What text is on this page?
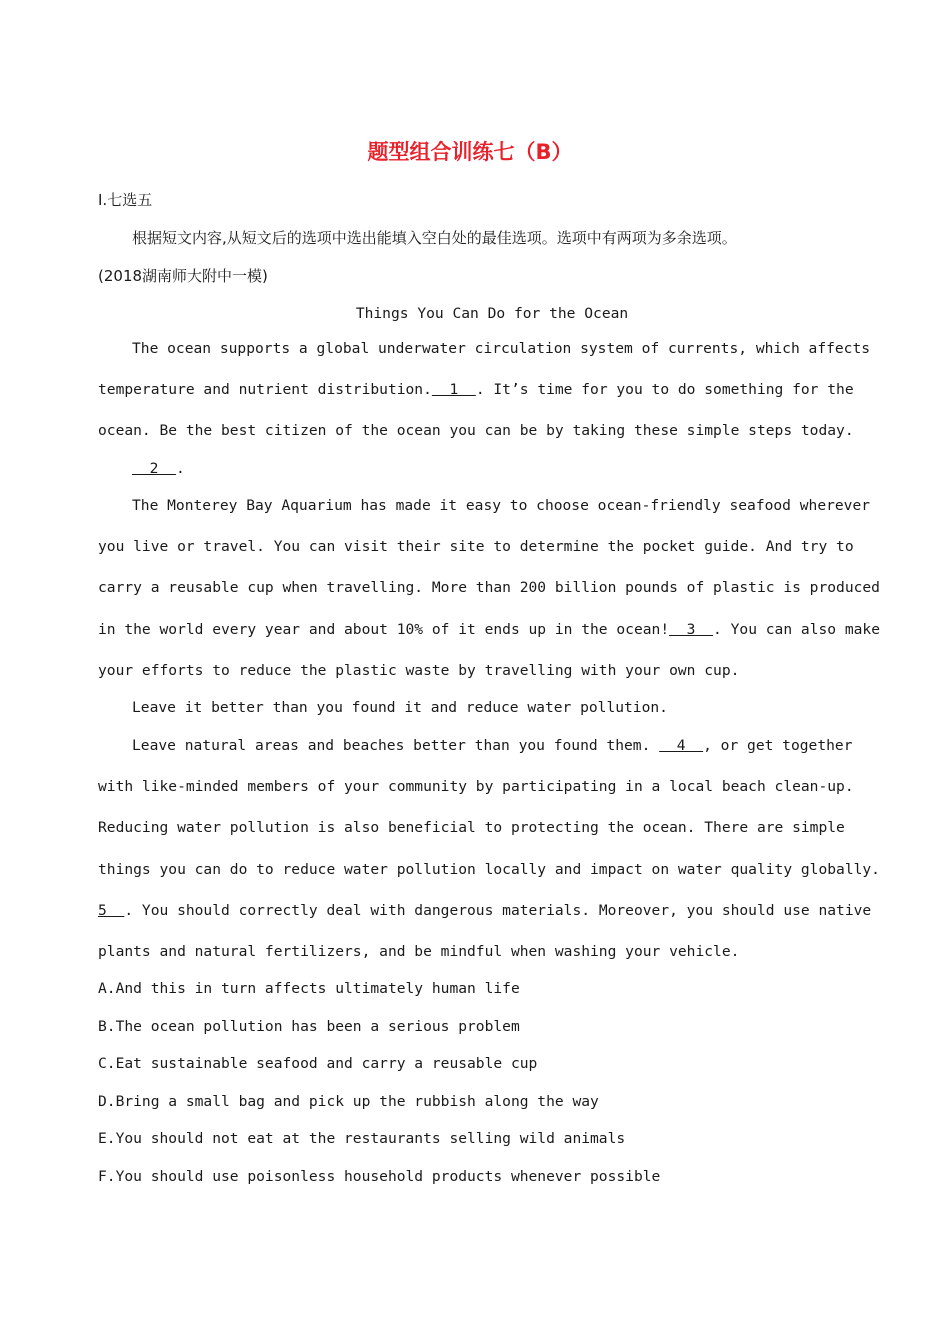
题型组合训练七（B）
Ⅰ.七选五
根据短文内容,从短文后的选项中选出能填入空白处的最佳选项。选项中有两项为多余选项。
(2018湖南师大附中一模)
Things You Can Do for the Ocean
The ocean supports a global underwater circulation system of currents, which affects
temperature and nutrient distribution.  1  . It’s time for you to do something for the
ocean. Be the best citizen of the ocean you can be by taking these simple steps today.
2  .
The Monterey Bay Aquarium has made it easy to choose ocean-friendly seafood wherever
you live or travel. You can visit their site to determine the pocket guide. And try to
carry a reusable cup when travelling. More than 200 billion pounds of plastic is produced
in the world every year and about 10% of it ends up in the ocean!  3  . You can also make
your efforts to reduce the plastic waste by travelling with your own cup.
Leave it better than you found it and reduce water pollution.
Leave natural areas and beaches better than you found them.   4  , or get together
with like-minded members of your community by participating in a local beach clean-up.
Reducing water pollution is also beneficial to protecting the ocean. There are simple
things you can do to reduce water pollution locally and impact on water quality globally.
5  . You should correctly deal with dangerous materials. Moreover, you should use native
plants and natural fertilizers, and be mindful when washing your vehicle.
A.And this in turn affects ultimately human life
B.The ocean pollution has been a serious problem
C.Eat sustainable seafood and carry a reusable cup
D.Bring a small bag and pick up the rubbish along the way
E.You should not eat at the restaurants selling wild animals
F.You should use poisonless household products whenever possible
